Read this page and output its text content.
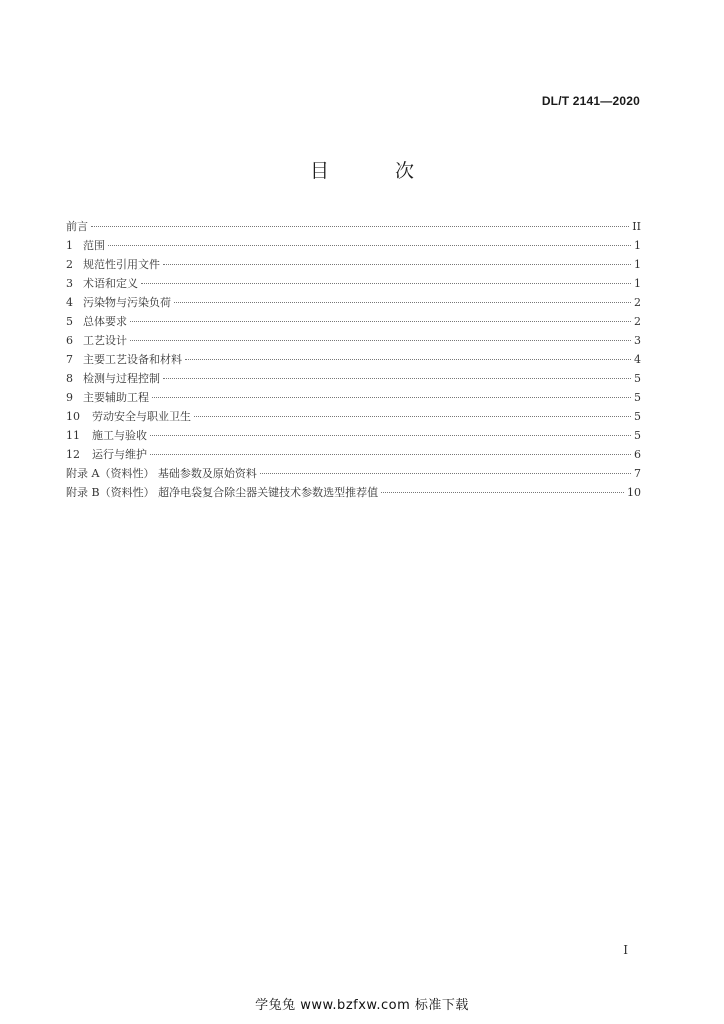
DL/T 2141—2020
目 次
前言	II
1 范围	1
2 规范性引用文件	1
3 术语和定义	1
4 污染物与污染负荷	2
5 总体要求	2
6 工艺设计	3
7 主要工艺设备和材料	4
8 检测与过程控制	5
9 主要辅助工程	5
10	劳动安全与职业卫生	5
11	施工与验收	5
12	运行与维护	6
附录 A（资料性） 基础参数及原始资料	7
附录 B（资料性） 超净电袋复合除尘器关键技术参数选型推荐值	10
I
学兔兔 www.bzfxw.com 标准下载
